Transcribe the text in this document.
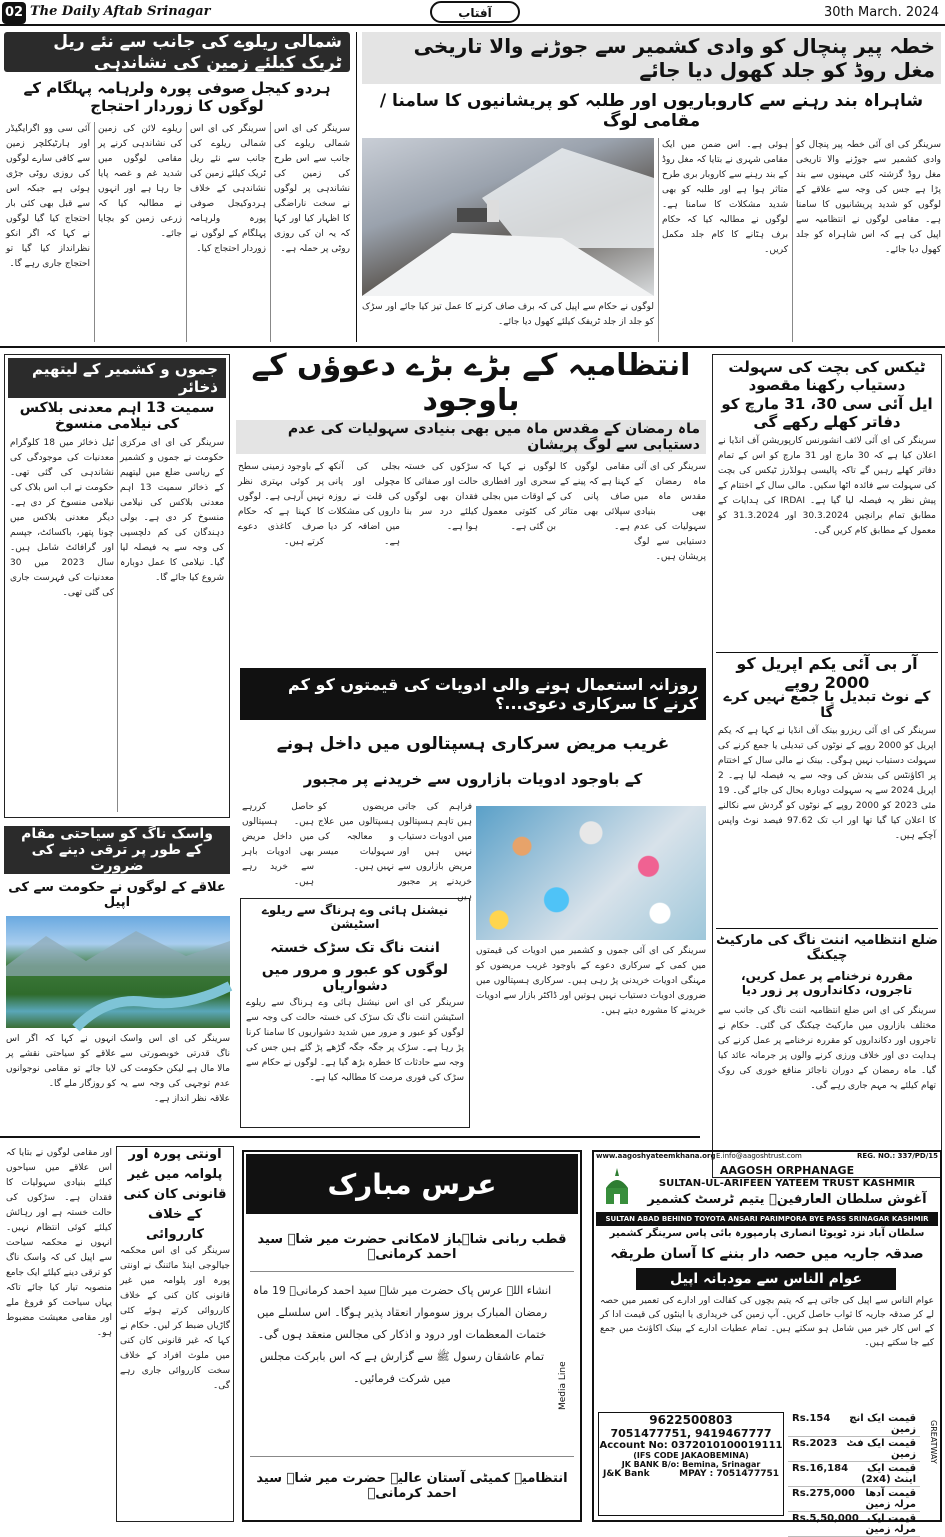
02 The Daily Aftab Srinagar	آفتاب	30th March. 2024
شمالی ریلوے کی جانب سے نئے ریل ٹریک کیلئے زمین کی نشاندہی
ہردو کیجل صوفی پورہ ولرہامہ پہلگام کے لوگوں کا زوردار احتجاج
ﺁئی سی وو اگرایگیڈر اور ہارٹیکلچر زمین سے کافی سارے لوگوں کی روزی روٹی جڑی ہوئی ہے جبکہ اس سے قبل بھی کئی بار احتجاج کیا گیا لوگوں نے کہا کہ اگر انکو نظرانداز کیا گیا تو احتجاج جاری رہے گا۔
ریلوے لائن کی زمین کی نشاندہی کرنے پر مقامی لوگوں میں شدید غم و غصہ پایا جا رہا ہے اور انہوں نے مطالبہ کیا کہ زرعی زمین کو بچایا جائے۔
سرینگر کی ای اس شمالی ریلوے کی جانب سے نئے ریل ٹریک کیلئے زمین کی نشاندہی کے خلاف ہردوکیجل صوفی پورہ ولرہامہ پہلگام کے لوگوں نے زوردار احتجاج کیا۔
سرینگر کی ای اس شمالی ریلوے کی جانب سے اس طرح کی زمین کی نشاندہی پر لوگوں نے سخت ناراضگی کا اظہار کیا اور کہا کہ یہ ان کی روزی روٹی پر حملہ ہے۔
خطہ پیر پنچال کو وادی کشمیر سے جوڑنے والا تاریخی مغل روڈ کو جلد کھول دیا جائے
شاہراہ بند رہنے سے کاروباریوں اور طلبہ کو پریشانیوں کا سامنا / مقامی لوگ
لوگوں نے حکام سے اپیل کی کہ برف صاف کرنے کا عمل تیز کیا جائے اور سڑک کو جلد از جلد ٹریفک کیلئے کھول دیا جائے۔
ہوئی ہے۔ اس ضمن میں ایک مقامی شہری نے بتایا کہ مغل روڈ کے بند رہنے سے کاروبار بری طرح متاثر ہوا ہے اور طلبہ کو بھی شدید مشکلات کا سامنا ہے۔ لوگوں نے مطالبہ کیا کہ حکام برف ہٹانے کا کام جلد مکمل کریں۔
سرینگر کی ای آئی خطہ پیر پنچال کو وادی کشمیر سے جوڑنے والا تاریخی مغل روڈ گزشتہ کئی مہینوں سے بند پڑا ہے جس کی وجہ سے علاقے کے لوگوں کو شدید پریشانیوں کا سامنا ہے۔ مقامی لوگوں نے انتظامیہ سے اپیل کی ہے کہ اس شاہراہ کو جلد کھول دیا جائے۔
جموں و کشمیر کے لیتھیم ذخائر
سمیت 13 اہم معدنی بلاکس کی نیلامی منسوخ
ٹیل ذخائر میں 18 کلوگرام معدنیات کی موجودگی کی نشاندہی کی گئی تھی۔ حکومت نے اب اس بلاک کی نیلامی منسوخ کر دی ہے۔ دیگر معدنی بلاکس میں چونا پتھر، باکسائٹ، جپسم اور گرافائٹ شامل ہیں۔ سال 2023 میں 30 معدنیات کی فہرست جاری کی گئی تھی۔
سرینگر کی ای ای مرکزی حکومت نے جموں و کشمیر کے ریاسی ضلع میں لیتھیم کے ذخائر سمیت 13 اہم معدنی بلاکس کی نیلامی منسوخ کر دی ہے۔ بولی دہندگان کی کم دلچسپی کی وجہ سے یہ فیصلہ لیا گیا۔ نیلامی کا عمل دوبارہ شروع کیا جائے گا۔
انتظامیہ کے بڑے بڑے دعوؤں کے باوجود
ماہ رمضان کے مقدس ماہ میں بھی بنیادی سہولیات کی عدم دستیابی سے لوگ پریشان
کے باوجود زمینی سطح پر کوئی بہتری نظر نہیں آرہی ہے۔ لوگوں کا کہنا ہے کہ حکام صرف کاغذی دعوے کرتے ہیں۔
بجلی کی آنکھ مچولی اور پانی کی قلت نے روزہ داروں کی مشکلات میں اضافہ کر دیا ہے۔
سڑکوں کی خستہ حالت اور صفائی کا فقدان بھی لوگوں کیلئے درد سر بنا ہوا ہے۔
لوگوں نے کہا کہ سحری اور افطاری کے اوقات میں بجلی کی کٹوتی معمول بن گئی ہے۔
مقامی لوگوں کا کہنا ہے کہ پینے کے صاف پانی کی سپلائی بھی متاثر ہے۔
سرینگر کی ای آئی ماہ رمضان کے مقدس ماہ میں بھی بنیادی سہولیات کی عدم دستیابی سے لوگ پریشان ہیں۔
روزانہ استعمال ہونے والی ادویات کی قیمتوں کو کم کرنے کا سرکاری دعوی...؟
غریب مریض سرکاری ہسپتالوں میں داخل ہونے
کے باوجود ادویات بازاروں سے خریدنے پر مجبور
حاصل کررہے ہیں۔ ہسپتالوں میں داخل مریض بھی ادویات باہر سے خرید رہے ہیں۔
مریضوں کو ہسپتالوں میں علاج و معالجہ کی سہولیات میسر نہیں ہیں۔
فراہم کی جاتی ہیں تاہم ہسپتالوں میں ادویات دستیاب نہیں ہیں اور مریض بازاروں سے خریدنے پر مجبور ہیں۔
ٹیکس کی بچت کی سہولت دستیاب رکھنا مقصود
ایل آئی سی 30، 31 مارچ کو دفاتر کھلے رکھے گی
سرینگر کی ای آئی لائف انشورنس کارپوریشن آف انڈیا نے اعلان کیا ہے کہ 30 مارچ اور 31 مارچ کو اس کے تمام دفاتر کھلے رہیں گے تاکہ پالیسی ہولڈرز ٹیکس کی بچت کی سہولت سے فائدہ اٹھا سکیں۔ مالی سال کے اختتام کے پیش نظر یہ فیصلہ لیا گیا ہے۔ IRDAI کی ہدایات کے مطابق تمام برانچیں 30.3.2024 اور 31.3.2024 کو معمول کے مطابق کام کریں گی۔
آر بی آئی یکم اپریل کو 2000 روپے
کے نوٹ تبدیل یا جمع نہیں کرے گا
سرینگر کی ای آئی ریزرو بینک آف انڈیا نے کہا ہے کہ یکم اپریل کو 2000 روپے کے نوٹوں کی تبدیلی یا جمع کرنے کی سہولت دستیاب نہیں ہوگی۔ بینک نے مالی سال کے اختتام پر اکاؤنٹس کی بندش کی وجہ سے یہ فیصلہ لیا ہے۔ 2 اپریل 2024 سے یہ سہولت دوبارہ بحال کی جائے گی۔ 19 مئی 2023 کو 2000 روپے کے نوٹوں کو گردش سے نکالنے کا اعلان کیا گیا تھا اور اب تک 97.62 فیصد نوٹ واپس آچکے ہیں۔
ضلع انتظامیہ اننت ناگ کی مارکیٹ چیکنگ
مقررہ نرخنامے پر عمل کریں، تاجروں، دکانداروں پر زور دیا
سرینگر کی ای اس ضلع انتظامیہ اننت ناگ کی جانب سے مختلف بازاروں میں مارکیٹ چیکنگ کی گئی۔ حکام نے تاجروں اور دکانداروں کو مقررہ نرخنامے پر عمل کرنے کی ہدایت دی اور خلاف ورزی کرنے والوں پر جرمانہ عائد کیا گیا۔ ماہ رمضان کے دوران ناجائز منافع خوری کی روک تھام کیلئے یہ مہم جاری رہے گی۔
واسک ناگ کو سیاحتی مقام کے طور پر ترقی دینے کی ضرورت
علاقے کے لوگوں نے حکومت سے کی اپیل
انہوں نے کہا کہ اگر اس علاقے کو سیاحتی نقشے پر لایا جائے تو مقامی نوجوانوں کو روزگار ملے گا۔
سرینگر کی ای اس واسک ناگ قدرتی خوبصورتی سے مالا مال ہے لیکن حکومت کی عدم توجہی کی وجہ سے یہ علاقہ نظر انداز ہے۔
نیشنل ہائی وے ہرناگ سے ریلوے اسٹیشن
اننت ناگ تک سڑک خستہ
لوگوں کو عبور و مرور میں دشواریاں
سرینگر کی ای اس نیشنل ہائی وے ہرناگ سے ریلوے اسٹیشن اننت ناگ تک سڑک کی خستہ حالت کی وجہ سے لوگوں کو عبور و مرور میں شدید دشواریوں کا سامنا کرنا پڑ رہا ہے۔ سڑک پر جگہ جگہ گڑھے پڑ گئے ہیں جس کی وجہ سے حادثات کا خطرہ بڑھ گیا ہے۔ لوگوں نے حکام سے سڑک کی فوری مرمت کا مطالبہ کیا ہے۔
سرینگر کی ای آئی جموں و کشمیر میں ادویات کی قیمتوں میں کمی کے سرکاری دعوے کے باوجود غریب مریضوں کو مہنگی ادویات خریدنی پڑ رہی ہیں۔ سرکاری ہسپتالوں میں ضروری ادویات دستیاب نہیں ہوتیں اور ڈاکٹر بازار سے ادویات خریدنے کا مشورہ دیتے ہیں۔
اونتی پورہ اور پلوامہ میں غیر قانونی کان کنی کے خلاف کارروائی
سرینگر کی ای اس محکمہ جیالوجی اینڈ مائننگ نے اونتی پورہ اور پلوامہ میں غیر قانونی کان کنی کے خلاف کارروائی کرتے ہوئے کئی گاڑیاں ضبط کر لیں۔ حکام نے کہا کہ غیر قانونی کان کنی میں ملوث افراد کے خلاف سخت کارروائی جاری رہے گی۔
اور مقامی لوگوں نے بتایا کہ اس علاقے میں سیاحوں کیلئے بنیادی سہولیات کا فقدان ہے۔ سڑکوں کی حالت خستہ ہے اور رہائش کیلئے کوئی انتظام نہیں۔ انہوں نے محکمہ سیاحت سے اپیل کی کہ واسک ناگ کو ترقی دینے کیلئے ایک جامع منصوبہ تیار کیا جائے تاکہ یہاں سیاحت کو فروغ ملے اور مقامی معیشت مضبوط ہو۔
عرس مبارک
قطب ربانی شاہباز لامکانی حضرت میر شاہ سید احمد کرمانیؒ
انشاء اللہ عرس پاک حضرت میر شاہ سید احمد کرمانیؒ 19 ماہ رمضان المبارک بروز سوموار انعقاد پذیر ہوگا۔ اس سلسلے میں ختمات المعظمات اور درود و اذکار کی مجالس منعقد ہوں گی۔ تمام عاشقان رسول ﷺ سے گزارش ہے کہ اس بابرکت مجلس میں شرکت فرمائیں۔	Media Line
انتظامیہ کمیٹی آستان عالیہ حضرت میر شاہ سید احمد کرمانیؒ
www.aagoshyateemkhana.org E.info@aagoshtrust.com	REG. NO.: 337/PD/15
AAGOSH ORPHANAGE
SULTAN-UL-ARIFEEN YATEEM TRUST KASHMIR
آغوش سلطان العارفینؒ یتیم ٹرسٹ کشمیر
SULTAN ABAD BEHIND TOYOTA ANSARI PARIMPORA BYE PASS SRINAGAR KASHMIR
سلطان آباد نزد ٹویوٹا انصاری پارمپورہ بائی پاس سرینگر کشمیر
صدقہ جاریہ میں حصہ دار بننے کا آسان طریقہ
عوام الناس سے مودبانہ اپیل
عوام الناس سے اپیل کی جاتی ہے کہ یتیم بچوں کی کفالت اور ادارے کی تعمیر میں حصہ لے کر صدقہ جاریہ کا ثواب حاصل کریں۔ آپ زمین کی خریداری یا اینٹوں کی قیمت ادا کر کے اس کار خیر میں شامل ہو سکتے ہیں۔ تمام عطیات ادارے کے بینک اکاؤنٹ میں جمع کیے جا سکتے ہیں۔
9622500803
7051477751, 9419467777
Account No: 0372010100019111
(IFS CODE JAKAOBEMINA)
JK BANK B/o: Bemina, Srinagar
J&K Bank	MPAY : 7051477751
Rs.154	قیمت ایک انچ زمین
Rs.2023 قیمت ایک فٹ زمین
Rs.16,184	قیمت ایک اینٹ (2x4)
Rs.275,000	قیمت آدھا مرلہ زمین
Rs.5,50,000 قیمت ایک مرلہ زمین
GREATWAY
